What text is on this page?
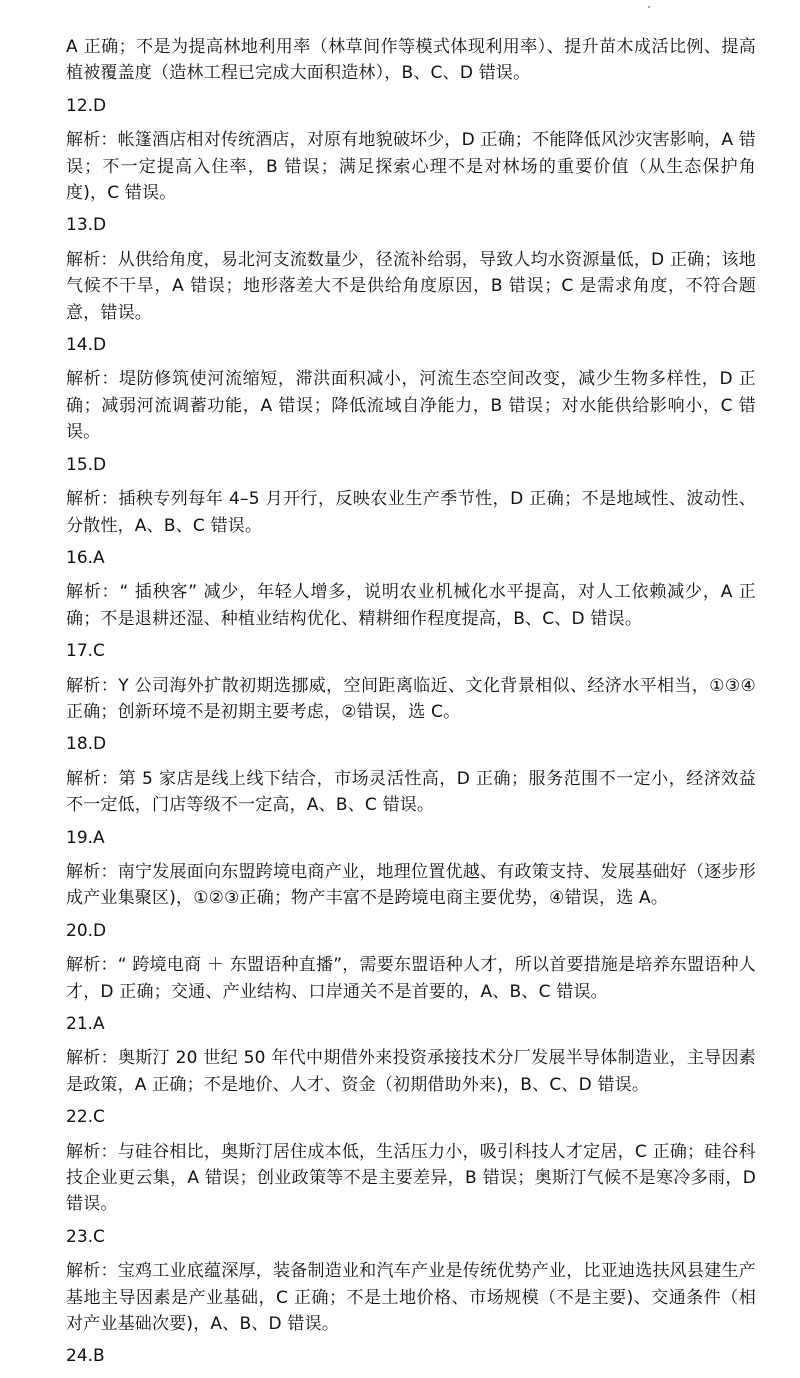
A 正确；不是为提高林地利用率（林草间作等模式体现利用率）、提升苗木成活比例、提高植被覆盖度（造林工程已完成大面积造林），B、C、D 错误。

12.D

解析：帐篷酒店相对传统酒店，对原有地貌破坏少，D 正确；不能降低风沙灾害影响，A 错误；不一定提高入住率，B 错误；满足探索心理不是对林场的重要价值（从生态保护角度)，C 错误。

13.D

解析：从供给角度，易北河支流数量少，径流补给弱，导致人均水资源量低，D 正确；该地气候不干旱，A 错误；地形落差大不是供给角度原因，B 错误；C 是需求角度，不符合题意，错误。

14.D

解析：堤防修筑使河流缩短，滞洪面积减小，河流生态空间改变，减少生物多样性，D 正确；减弱河流调蓄功能，A 错误；降低流域自净能力，B 错误；对水能供给影响小，C 错误。

15.D

解析：插秧专列每年 4–5 月开行，反映农业生产季节性，D 正确；不是地域性、波动性、分散性，A、B、C 错误。

16.A

解析：“ 插秧客” 减少，年轻人增多，说明农业机械化水平提高，对人工依赖减少，A 正确；不是退耕还湿、种植业结构优化、精耕细作程度提高，B、C、D 错误。

17.C

解析：Y 公司海外扩散初期选挪威，空间距离临近、文化背景相似、经济水平相当，①③④正确；创新环境不是初期主要考虑，②错误，选 C。

18.D

解析：第 5 家店是线上线下结合，市场灵活性高，D 正确；服务范围不一定小，经济效益不一定低，门店等级不一定高，A、B、C 错误。

19.A

解析：南宁发展面向东盟跨境电商产业，地理位置优越、有政策支持、发展基础好（逐步形成产业集聚区)，①②③正确；物产丰富不是跨境电商主要优势，④错误，选 A。

20.D

解析：“ 跨境电商 ＋ 东盟语种直播”，需要东盟语种人才，所以首要措施是培养东盟语种人才，D 正确；交通、产业结构、口岸通关不是首要的，A、B、C 错误。

21.A

解析：奥斯汀 20 世纪 50 年代中期借外来投资承接技术分厂发展半导体制造业，主导因素是政策，A 正确；不是地价、人才、资金（初期借助外来)，B、C、D 错误。

22.C

解析：与硅谷相比，奥斯汀居住成本低，生活压力小，吸引科技人才定居，C 正确；硅谷科技企业更云集，A 错误；创业政策等不是主要差异，B 错误；奥斯汀气候不是寒冷多雨，D 错误。

23.C

解析：宝鸡工业底蕴深厚，装备制造业和汽车产业是传统优势产业，比亚迪选扶风县建生产基地主导因素是产业基础，C 正确；不是土地价格、市场规模（不是主要)、交通条件（相对产业基础次要)，A、B、D 错误。

24.B
